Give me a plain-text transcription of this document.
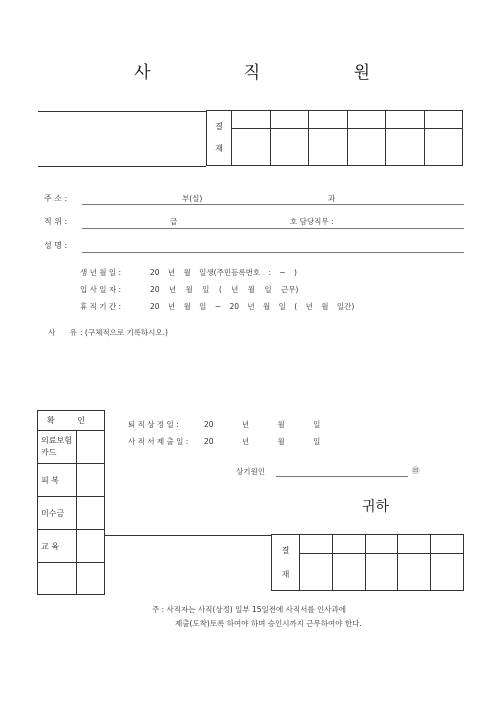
사 직 원
결
재						

주 소 :	부(실)	과
직 위 :	급	호 담당직무 :
성 명 :
생 년 월 일 :	20 년 월 일생(주민등록번호 : ~ )
입 사 일 자 :	20 년 월 일 ( 년 월 일 근무)
휴 직 기 간 :	20 년 월 일 ~ 20 년 월 일 ( 년 월 일간)
사 유
: (구체적으로 기록하시오.)
확 인	
의료보험카드	
피 복	
미수금	
교 육	

퇴 직 상 정 일 :	20 년 월 일
사 직 서 제 출 일 : 20 년 월 일
상기원인	㊞
귀하
결
재					

주 : 사직자는 사직(상정) 일부 15일전에 사직서를 인사과에
제출(도착)토록 하여야 하며 승인시까지 근무하여야 한다.
